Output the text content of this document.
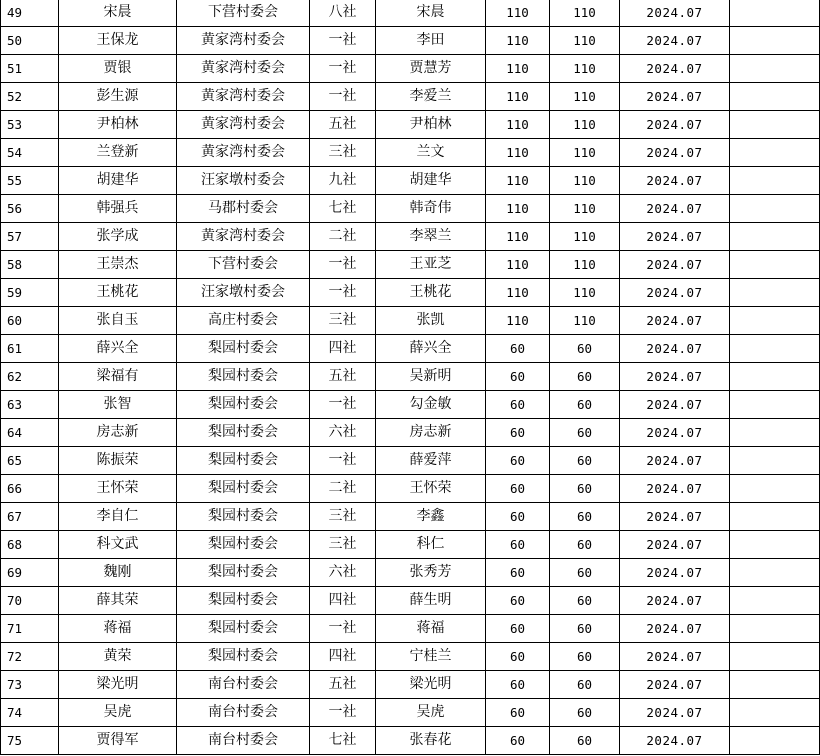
49	宋晨	下营村委会	八社	宋晨	110	110	2024.07	
50	王保龙	黄家湾村委会	一社	李田	110	110	2024.07	
51	贾银	黄家湾村委会	一社	贾慧芳	110	110	2024.07	
52	彭生源	黄家湾村委会	一社	李爱兰	110	110	2024.07	
53	尹柏林	黄家湾村委会	五社	尹柏林	110	110	2024.07	
54	兰登新	黄家湾村委会	三社	兰文	110	110	2024.07	
55	胡建华	汪家墩村委会	九社	胡建华	110	110	2024.07	
56	韩强兵	马郡村委会	七社	韩奇伟	110	110	2024.07	
57	张学成	黄家湾村委会	二社	李翠兰	110	110	2024.07	
58	王崇杰	下营村委会	一社	王亚芝	110	110	2024.07	
59	王桃花	汪家墩村委会	一社	王桃花	110	110	2024.07	
60	张自玉	高庄村委会	三社	张凯	110	110	2024.07	
61	薛兴全	梨园村委会	四社	薛兴全	60	60	2024.07	
62	梁福有	梨园村委会	五社	吴新明	60	60	2024.07	
63	张智	梨园村委会	一社	勾金敏	60	60	2024.07	
64	房志新	梨园村委会	六社	房志新	60	60	2024.07	
65	陈振荣	梨园村委会	一社	薛爱萍	60	60	2024.07	
66	王怀荣	梨园村委会	二社	王怀荣	60	60	2024.07	
67	李自仁	梨园村委会	三社	李鑫	60	60	2024.07	
68	科文武	梨园村委会	三社	科仁	60	60	2024.07	
69	魏刚	梨园村委会	六社	张秀芳	60	60	2024.07	
70	薛其荣	梨园村委会	四社	薛生明	60	60	2024.07	
71	蒋福	梨园村委会	一社	蒋福	60	60	2024.07	
72	黄荣	梨园村委会	四社	宁桂兰	60	60	2024.07	
73	梁光明	南台村委会	五社	梁光明	60	60	2024.07	
74	吴虎	南台村委会	一社	吴虎	60	60	2024.07	
75	贾得军	南台村委会	七社	张春花	60	60	2024.07	
